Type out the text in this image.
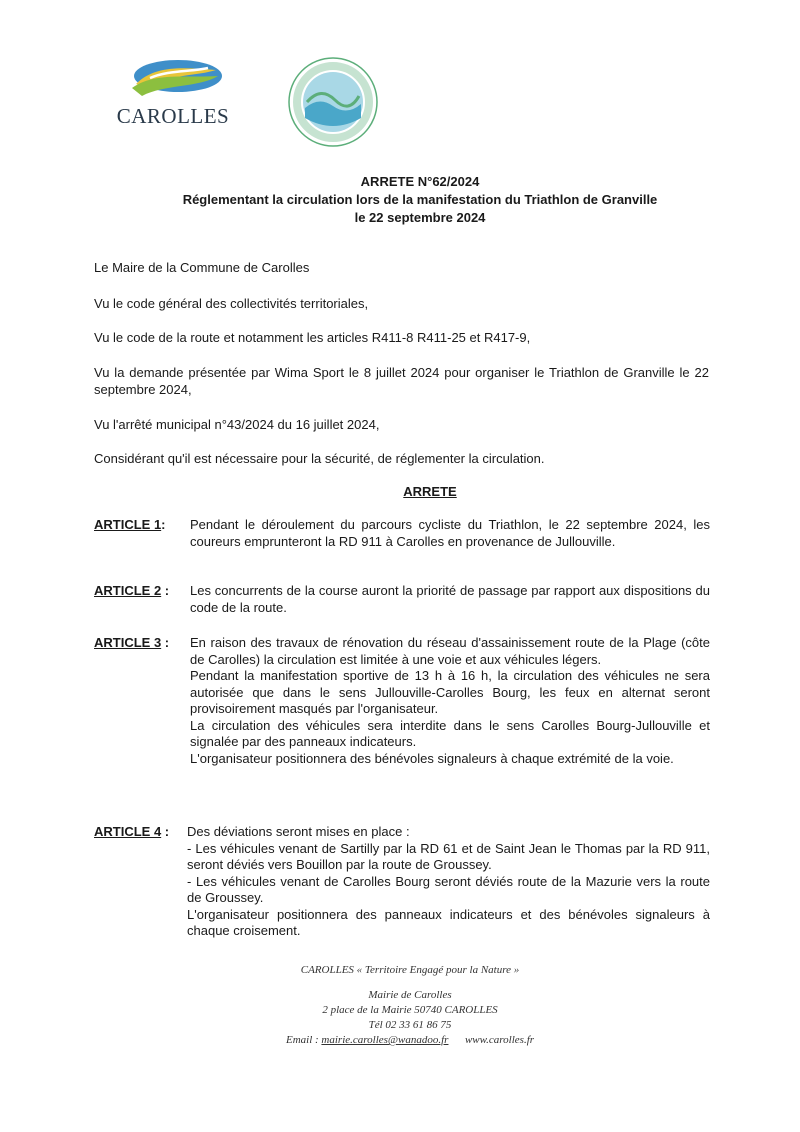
CAROLLES
ARRETE N°62/2024
Réglementant la circulation lors de la manifestation du Triathlon de Granville
le 22 septembre 2024

Le Maire de la Commune de Carolles

Vu le code général des collectivités territoriales,

Vu le code de la route et notamment les articles R411-8 R411-25 et R417-9,

Vu la demande présentée par Wima Sport le 8 juillet 2024 pour organiser le Triathlon de Granville le 22 septembre 2024,

Vu l'arrêté municipal n°43/2024 du 16 juillet 2024,

Considérant qu'il est nécessaire pour la sécurité, de réglementer la circulation.

ARRETE
ARTICLE 1: Pendant le déroulement du parcours cycliste du Triathlon, le 22 septembre 2024, les coureurs emprunteront la RD 911 à Carolles en provenance de Jullouville.
ARTICLE 2 : Les concurrents de la course auront la priorité de passage par rapport aux dispositions du code de la route.
ARTICLE 3 : En raison des travaux de rénovation du réseau d'assainissement route de la Plage (côte de Carolles) la circulation est limitée à une voie et aux véhicules légers.
Pendant la manifestation sportive de 13 h à 16 h, la circulation des véhicules ne sera autorisée que dans le sens Jullouville-Carolles Bourg, les feux en alternat seront provisoirement masqués par l'organisateur.
La circulation des véhicules sera interdite dans le sens Carolles Bourg-Jullouville et signalée par des panneaux indicateurs.
L'organisateur positionnera des bénévoles signaleurs à chaque extrémité de la voie.
ARTICLE 4 : Des déviations seront mises en place :
- Les véhicules venant de Sartilly par la RD 61 et de Saint Jean le Thomas par la RD 911, seront déviés vers Bouillon par la route de Groussey.
- Les véhicules venant de Carolles Bourg seront déviés route de la Mazurie vers la route de Groussey.
L'organisateur positionnera des panneaux indicateurs et des bénévoles signaleurs à chaque croisement.
CAROLLES « Territoire Engagé pour la Nature »
Mairie de Carolles
2 place de la Mairie 50740 CAROLLES
Tél 02 33 61 86 75
Email : mairie.carolles@wanadoo.fr www.carolles.fr
